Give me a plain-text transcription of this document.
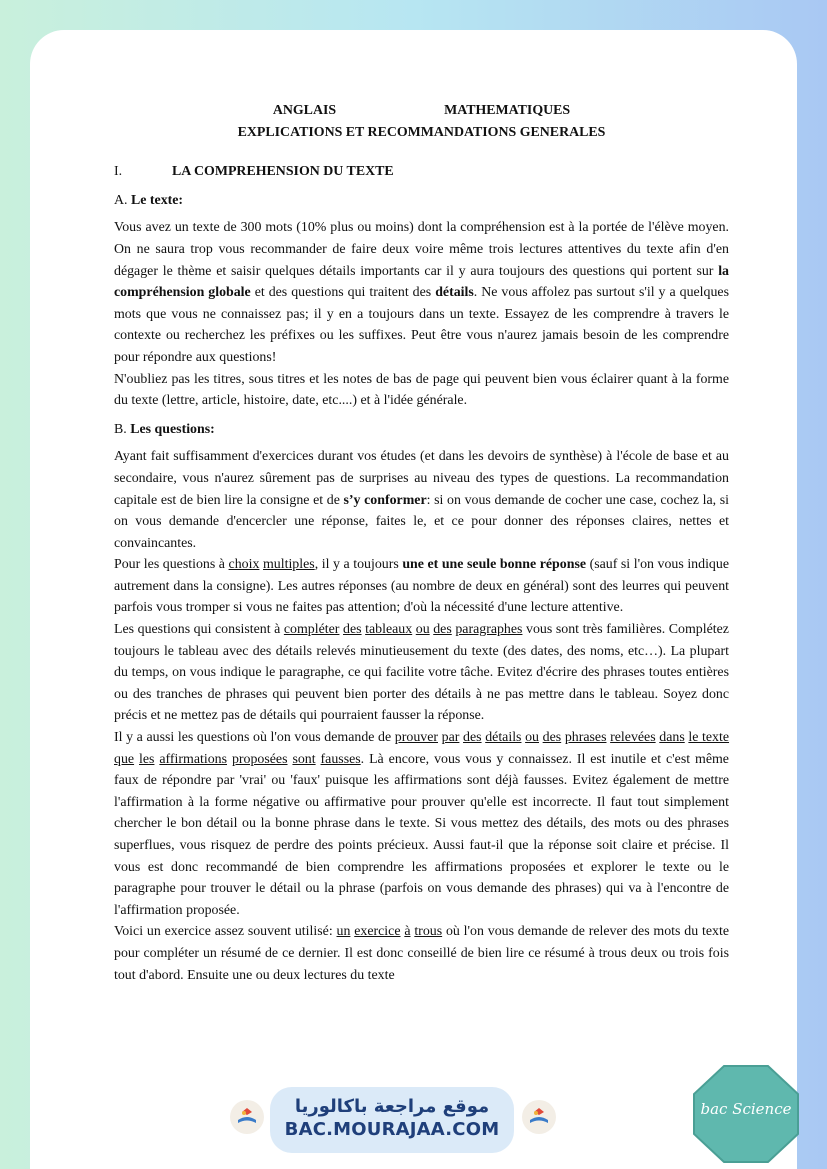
ANGLAIS	MATHEMATIQUES
EXPLICATIONS ET RECOMMANDATIONS GENERALES
I.	LA COMPREHENSION DU TEXTE
A. Le texte:

Vous avez un texte de 300 mots (10% plus ou moins) dont la compréhension est à la portée de l'élève moyen. On ne saura trop vous recommander de faire deux voire même trois lectures attentives du texte afin d'en dégager le thème et saisir quelques détails importants car il y aura toujours des questions qui portent sur la compréhension globale et des questions qui traitent des détails. Ne vous affolez pas surtout s'il y a quelques mots que vous ne connaissez pas; il y en a toujours dans un texte. Essayez de les comprendre à travers le contexte ou recherchez les préfixes ou les suffixes. Peut être vous n'aurez jamais besoin de les comprendre pour répondre aux questions!

N'oubliez pas les titres, sous titres et les notes de bas de page qui peuvent bien vous éclairer quant à la forme du texte (lettre, article, histoire, date, etc....) et à l'idée générale.

B. Les questions:

Ayant fait suffisamment d'exercices durant vos études (et dans les devoirs de synthèse) à l'école de base et au secondaire, vous n'aurez sûrement pas de surprises au niveau des types de questions. La recommandation capitale est de bien lire la consigne et de s’y conformer: si on vous demande de cocher une case, cochez la, si on vous demande d'encercler une réponse, faites le, et ce pour donner des réponses claires, nettes et convaincantes.

Pour les questions à choix multiples, il y a toujours une et une seule bonne réponse (sauf si l'on vous indique autrement dans la consigne). Les autres réponses (au nombre de deux en général) sont des leurres qui peuvent parfois vous tromper si vous ne faites pas attention; d'où la nécessité d'une lecture attentive.

Les questions qui consistent à compléter des tableaux ou des paragraphes vous sont très familières. Complétez toujours le tableau avec des détails relevés minutieusement du texte (des dates, des noms, etc…). La plupart du temps, on vous indique le paragraphe, ce qui facilite votre tâche. Evitez d'écrire des phrases toutes entières ou des tranches de phrases qui peuvent bien porter des détails à ne pas mettre dans le tableau. Soyez donc précis et ne mettez pas de détails qui pourraient fausser la réponse.

Il y a aussi les questions où l'on vous demande de prouver par des détails ou des phrases relevées dans le texte que les affirmations proposées sont fausses. Là encore, vous vous y connaissez. Il est inutile et c'est même faux de répondre par 'vrai' ou 'faux' puisque les affirmations sont déjà fausses. Evitez également de mettre l'affirmation à la forme négative ou affirmative pour prouver qu'elle est incorrecte. Il faut tout simplement chercher le bon détail ou la bonne phrase dans le texte. Si vous mettez des détails, des mots ou des phrases superflues, vous risquez de perdre des points précieux. Aussi faut-il que la réponse soit claire et précise. Il vous est donc recommandé de bien comprendre les affirmations proposées et explorer le texte ou le paragraphe pour trouver le détail ou la phrase (parfois on vous demande des phrases) qui va à l'encontre de l'affirmation proposée.

Voici un exercice assez souvent utilisé: un exercice à trous où l'on vous demande de relever des mots du texte pour compléter un résumé de ce dernier. Il est donc conseillé de bien lire ce résumé à trous deux ou trois fois tout d'abord. Ensuite une ou deux lectures du texte

موقع مراجعة باكالوريا
BAC.MOURAJAA.COM
bac Science
